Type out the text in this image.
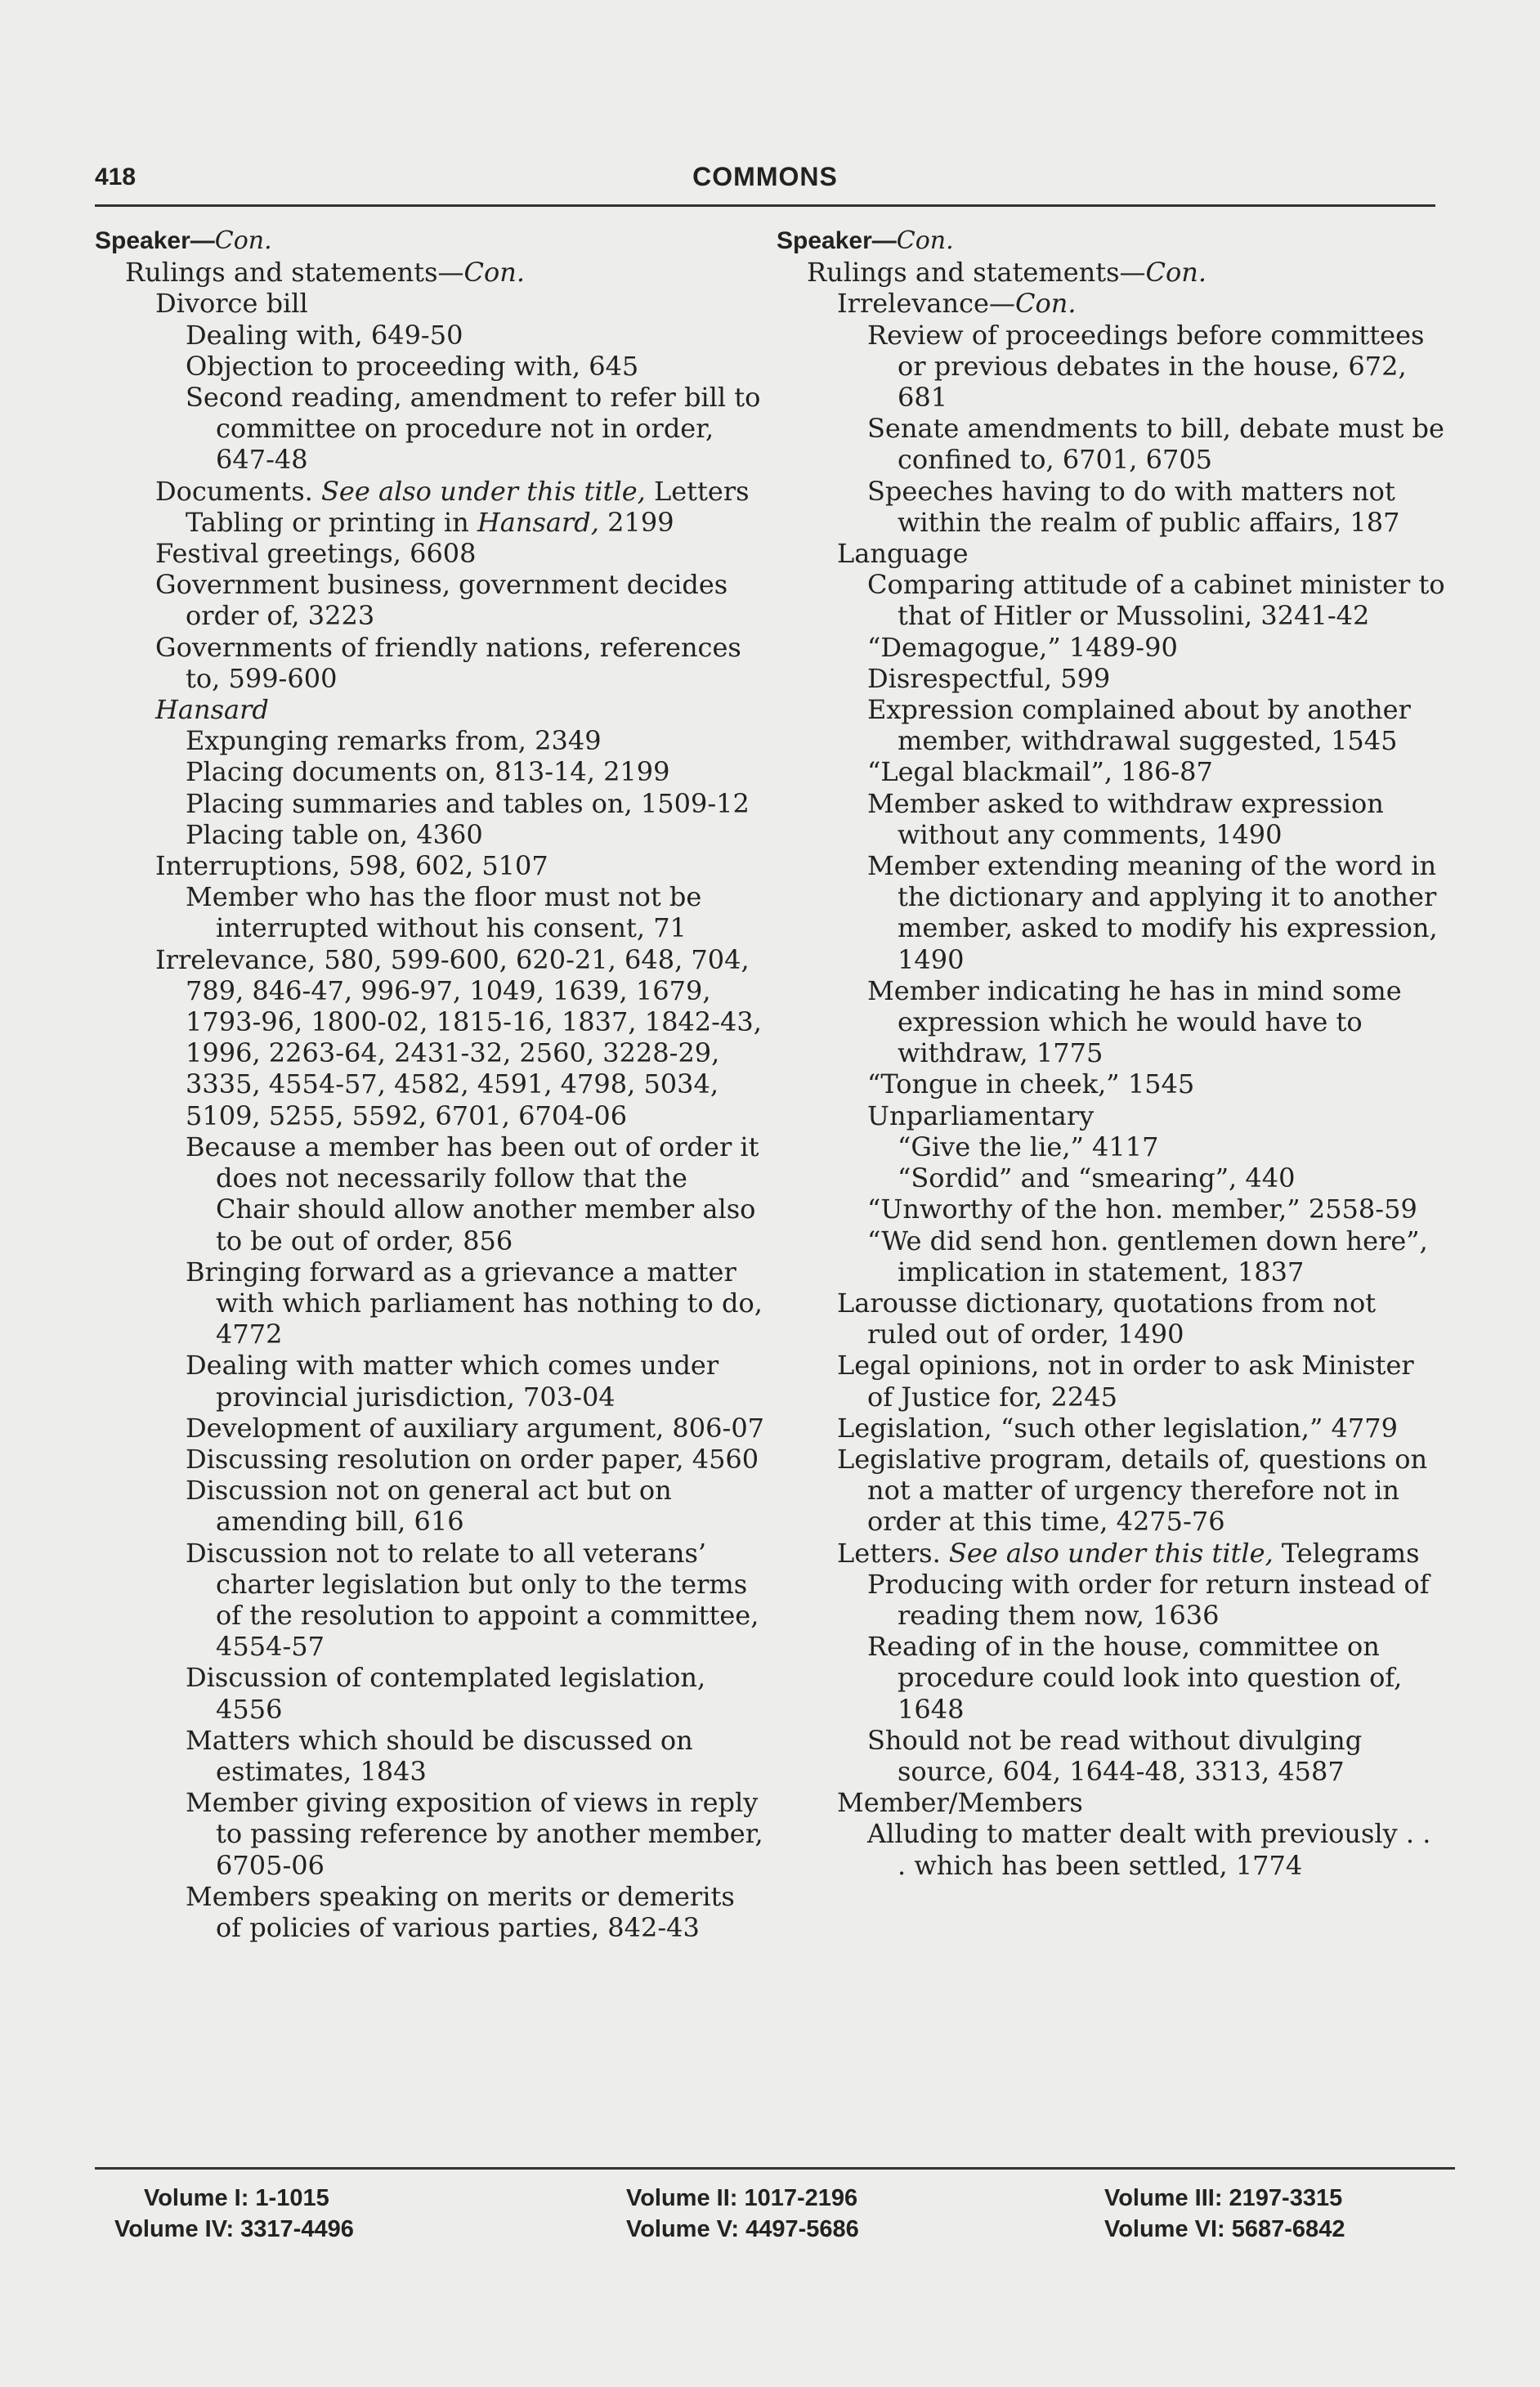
418	COMMONS
Speaker—Con.
Rulings and statements—Con.
Divorce bill
Dealing with, 649-50
Objection to proceeding with, 645
Second reading, amendment to refer bill to committee on procedure not in order, 647-48
Documents. See also under this title, Letters
Tabling or printing in Hansard, 2199
Festival greetings, 6608
Government business, government decides order of, 3223
Governments of friendly nations, references to, 599-600
Hansard
Expunging remarks from, 2349
Placing documents on, 813-14, 2199
Placing summaries and tables on, 1509-12
Placing table on, 4360
Interruptions, 598, 602, 5107
Member who has the floor must not be interrupted without his consent, 71
Irrelevance, 580, 599-600, 620-21, 648, 704, 789, 846-47, 996-97, 1049, 1639, 1679, 1793-96, 1800-02, 1815-16, 1837, 1842-43, 1996, 2263-64, 2431-32, 2560, 3228-29, 3335, 4554-57, 4582, 4591, 4798, 5034, 5109, 5255, 5592, 6701, 6704-06
Because a member has been out of order it does not necessarily follow that the Chair should allow another member also to be out of order, 856
Bringing forward as a grievance a matter with which parliament has nothing to do, 4772
Dealing with matter which comes under provincial jurisdiction, 703-04
Development of auxiliary argument, 806-07
Discussing resolution on order paper, 4560
Discussion not on general act but on amending bill, 616
Discussion not to relate to all veterans’ charter legislation but only to the terms of the resolution to appoint a committee, 4554-57
Discussion of contemplated legislation, 4556
Matters which should be discussed on estimates, 1843
Member giving exposition of views in reply to passing reference by another member, 6705-06
Members speaking on merits or demerits of policies of various parties, 842-43
Speaker—Con.
Rulings and statements—Con.
Irrelevance—Con.
Review of proceedings before committees or previous debates in the house, 672, 681
Senate amendments to bill, debate must be confined to, 6701, 6705
Speeches having to do with matters not within the realm of public affairs, 187
Language
Comparing attitude of a cabinet minister to that of Hitler or Mussolini, 3241-42
“Demagogue,” 1489-90
Disrespectful, 599
Expression complained about by another member, withdrawal suggested, 1545
“Legal blackmail”, 186-87
Member asked to withdraw expression without any comments, 1490
Member extending meaning of the word in the dictionary and applying it to another member, asked to modify his expression, 1490
Member indicating he has in mind some expression which he would have to withdraw, 1775
“Tongue in cheek,” 1545
Unparliamentary
“Give the lie,” 4117
“Sordid” and “smearing”, 440
“Unworthy of the hon. member,” 2558-59
“We did send hon. gentlemen down here”, implication in statement, 1837
Larousse dictionary, quotations from not ruled out of order, 1490
Legal opinions, not in order to ask Minister of Justice for, 2245
Legislation, “such other legislation,” 4779
Legislative program, details of, questions on not a matter of urgency therefore not in order at this time, 4275-76
Letters. See also under this title, Telegrams
Producing with order for return instead of reading them now, 1636
Reading of in the house, committee on procedure could look into question of, 1648
Should not be read without divulging source, 604, 1644-48, 3313, 4587
Member/Members
Alluding to matter dealt with previously . . . which has been settled, 1774
Volume I: 1-1015
Volume IV: 3317-4496
Volume II: 1017-2196
Volume V: 4497-5686
Volume III: 2197-3315
Volume VI: 5687-6842
